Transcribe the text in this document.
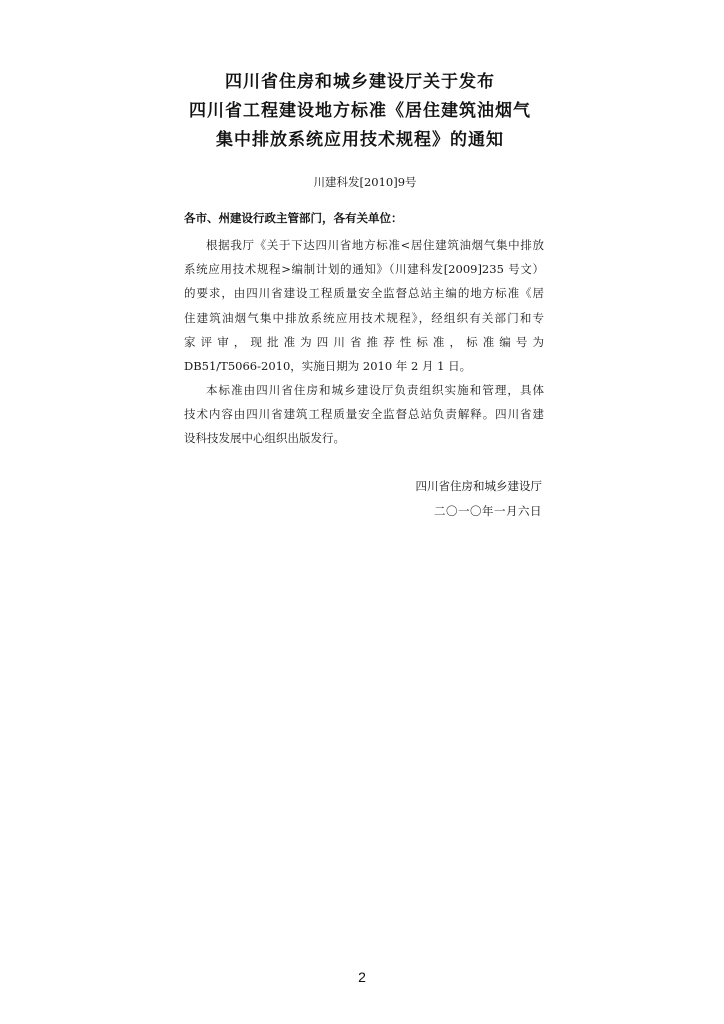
四川省住房和城乡建设厅关于发布
四川省工程建设地方标准《居住建筑油烟气
集中排放系统应用技术规程》的通知
川建科发[2010]9号
各市、州建设行政主管部门，各有关单位：
根据我厅《关于下达四川省地方标准<居住建筑油烟气集中排放
系统应用技术规程>编制计划的通知》（川建科发[2009]235 号文）
的要求，由四川省建设工程质量安全监督总站主编的地方标准《居
住建筑油烟气集中排放系统应用技术规程》，经组织有关部门和专
家评审，现批准为四川省推荐性标准，标准编号为
DB51/T5066-2010，实施日期为 2010 年 2 月 1 日。
本标准由四川省住房和城乡建设厅负责组织实施和管理，具体
技术内容由四川省建筑工程质量安全监督总站负责解释。四川省建
设科技发展中心组织出版发行。
四川省住房和城乡建设厅
二〇一〇年一月六日
2
